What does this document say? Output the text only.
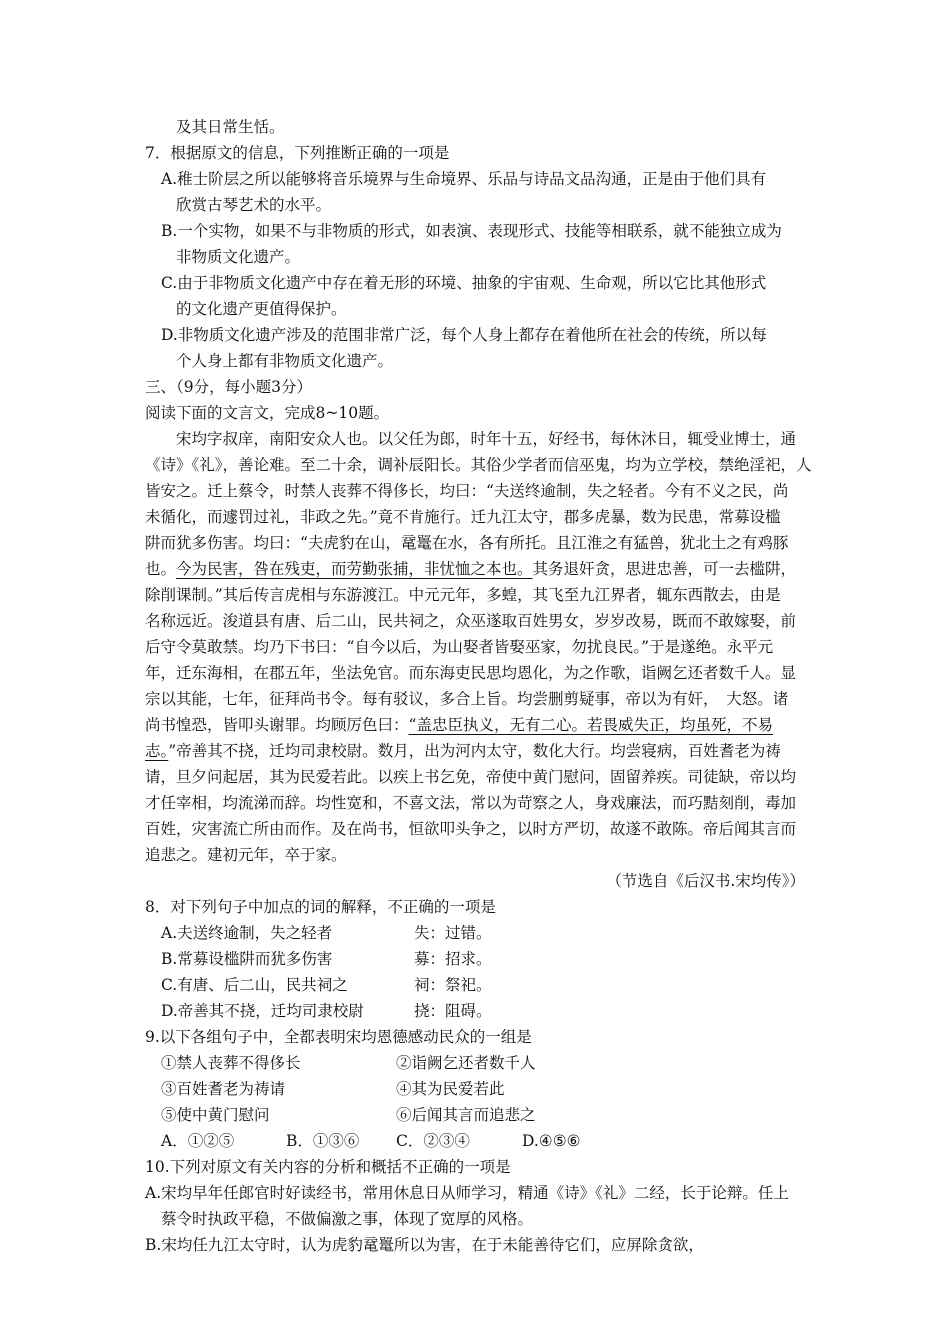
及其日常生恬。
7．根据原文的信息，下列推断正确的一项是
A.稚士阶层之所以能够将音乐境界与生命境界、乐品与诗品文品沟通，正是由于他们具有
欣赏古琴艺术的水平。
B.一个实物，如果不与非物质的形式，如表演、表现形式、技能等相联系，就不能独立成为
非物质文化遗产。
C.由于非物质文化遗产中存在着无形的环境、抽象的宇宙观、生命观，所以它比其他形式
的文化遗产更值得保护。
D.非物质文化遗产涉及的范围非常广泛，每个人身上都存在着他所在社会的传统，所以每
个人身上都有非物质文化遗产。
三、（9分，每小题3分）
阅读下面的文言文，完成8~10题。
宋均字叔庠，南阳安众人也。以父任为郎，时年十五，好经书，每休沐日，辄受业博士，通
《诗》《礼》，善论难。至二十余，调补辰阳长。其俗少学者而信巫鬼，均为立学校，禁绝淫祀，人
皆安之。迁上蔡令，时禁人丧葬不得侈长，均曰：“夫送终逾制，失之轻者。今有不义之民，尚
未循化，而遽罚过礼，非政之先。”竟不肯施行。迁九江太守，郡多虎暴，数为民患，常募设槛
阱而犹多伤害。均曰：“夫虎豹在山，鼋鼍在水，各有所托。且江淮之有猛兽，犹北土之有鸡豚
也。今为民害，咎在残吏，而劳勤张捕，非忧恤之本也。其务退奸贪，思进忠善，可一去槛阱，
除削课制。”其后传言虎相与东游渡江。中元元年，多蝗，其飞至九江界者，辄东西散去，由是
名称远近。浚道县有唐、后二山，民共祠之，众巫遂取百姓男女，岁岁改易，既而不敢嫁娶，前
后守令莫敢禁。均乃下书曰：“自今以后，为山娶者皆娶巫家，勿扰良民。”于是遂绝。永平元
年，迁东海相，在郡五年，坐法免官。而东海吏民思均恩化，为之作歌，诣阙乞还者数千人。显
宗以其能，七年，征拜尚书令。每有驳议，多合上旨。均尝删剪疑事，帝以为有奸，　大怒。诸
尚书惶恐，皆叩头谢罪。均顾厉色曰：“盖忠臣执义，无有二心。若畏威失正，均虽死，不易
志。”帝善其不挠，迁均司隶校尉。数月，出为河内太守，数化大行。均尝寝病，百姓耆老为祷
请，旦夕问起居，其为民爱若此。以疾上书乞免，帝使中黄门慰问，固留养疾。司徒缺，帝以均
才任宰相，均流涕而辞。均性宽和，不喜文法，常以为苛察之人，身戏廉法，而巧黠刻削，毒加
百姓，灾害流亡所由而作。及在尚书，恒欲叩头争之，以时方严切，故遂不敢陈。帝后闻其言而
追悲之。建初元年，卒于家。
（节选自《后汉书.宋均传》）
8．对下列句子中加点的词的解释，不正确的一项是
A.夫送终逾制，失之轻者	失：过错。
B.常募设槛阱而犹多伤害	募：招求。
C.有唐、后二山，民共祠之	祠：祭祀。
D.帝善其不挠，迁均司隶校尉	挠：阻碍。
9.以下各组句子中，全都表明宋均恩德感动民众的一组是
①禁人丧葬不得侈长	②诣阙乞还者数千人
③百姓耆老为祷请	④其为民爱若此
⑤使中黄门慰问	⑥后闻其言而追悲之
A．①②⑤	B．①③⑥ C．②③④	D.④⑤⑥
10.下列对原文有关内容的分析和概括不正确的一项是
A.宋均早年任郎官时好读经书，常用休息日从师学习，精通《诗》《礼》二经，长于论辩。任上
蔡令时执政平稳，不做偏激之事，体现了宽厚的风格。
B.宋均任九江太守时，认为虎豹鼋鼍所以为害，在于未能善待它们，应屏除贪欲，
